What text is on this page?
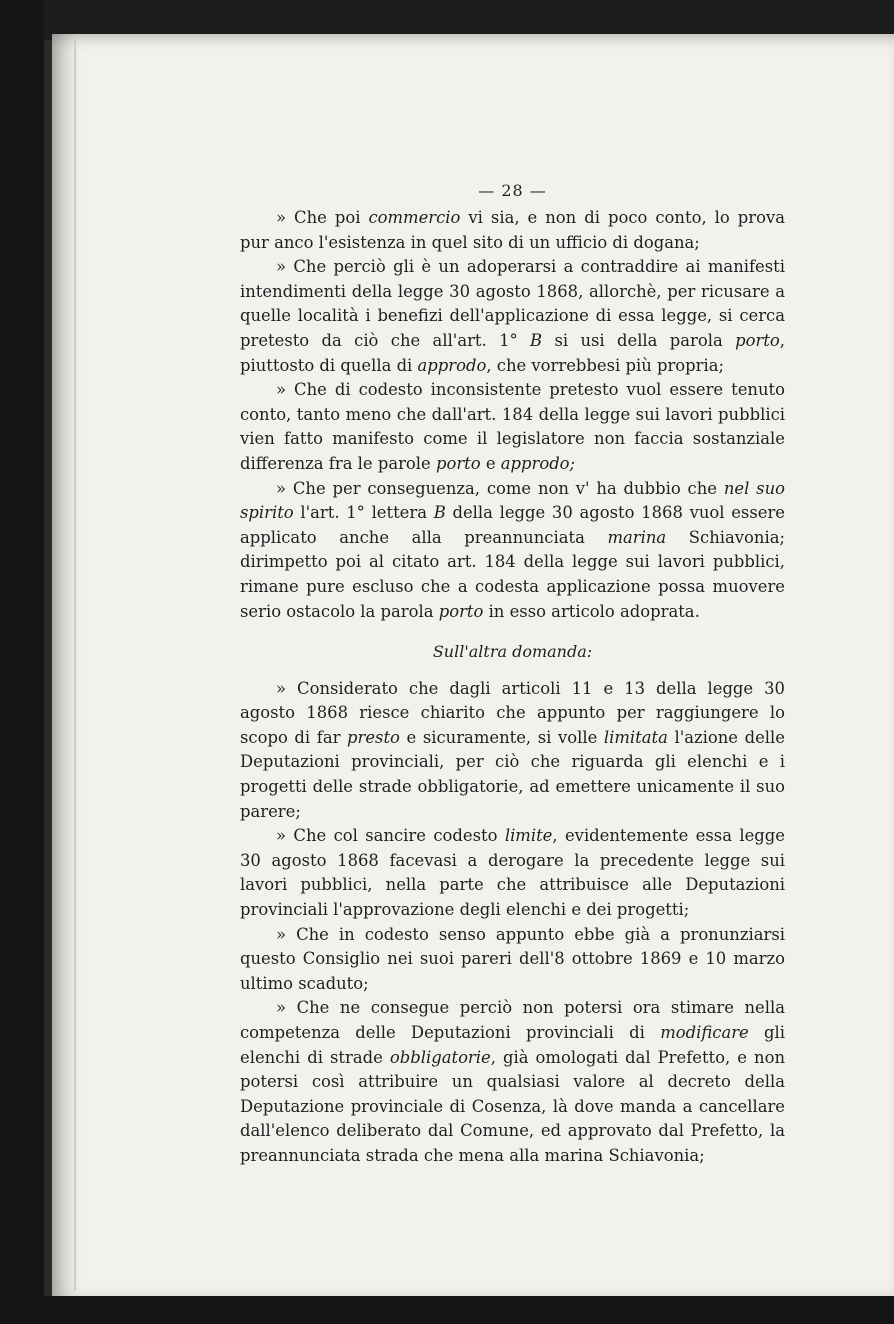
— 28 —

» Che poi commercio vi sia, e non di poco conto, lo prova pur anco l'esistenza in quel sito di un ufficio di dogana;

» Che perciò gli è un adoperarsi a contraddire ai manifesti intendimenti della legge 30 agosto 1868, allorchè, per ricusare a quelle località i benefizi dell'applicazione di essa legge, si cerca pretesto da ciò che all'art. 1° B si usi della parola porto, piuttosto di quella di approdo, che vorrebbesi più propria;

» Che di codesto inconsistente pretesto vuol essere tenuto conto, tanto meno che dall'art. 184 della legge sui lavori pubblici vien fatto manifesto come il legislatore non faccia sostanziale differenza fra le parole porto e approdo;

» Che per conseguenza, come non v' ha dubbio che nel suo spirito l'art. 1° lettera B della legge 30 agosto 1868 vuol essere applicato anche alla preannunciata marina Schiavonia; dirimpetto poi al citato art. 184 della legge sui lavori pubblici, rimane pure escluso che a codesta applicazione possa muovere serio ostacolo la parola porto in esso articolo adoprata.

Sull'altra domanda:

» Considerato che dagli articoli 11 e 13 della legge 30 agosto 1868 riesce chiarito che appunto per raggiungere lo scopo di far presto e sicuramente, si volle limitata l'azione delle Deputazioni provinciali, per ciò che riguarda gli elenchi e i progetti delle strade obbligatorie, ad emettere unicamente il suo parere;

» Che col sancire codesto limite, evidentemente essa legge 30 agosto 1868 facevasi a derogare la precedente legge sui lavori pubblici, nella parte che attribuisce alle Deputazioni provinciali l'approvazione degli elenchi e dei progetti;

» Che in codesto senso appunto ebbe già a pronunziarsi questo Consiglio nei suoi pareri dell'8 ottobre 1869 e 10 marzo ultimo scaduto;

» Che ne consegue perciò non potersi ora stimare nella competenza delle Deputazioni provinciali di modificare gli elenchi di strade obbligatorie, già omologati dal Prefetto, e non potersi così attribuire un qualsiasi valore al decreto della Deputazione provinciale di Cosenza, là dove manda a cancellare dall'elenco deliberato dal Comune, ed approvato dal Prefetto, la preannunciata strada che mena alla marina Schiavonia;
